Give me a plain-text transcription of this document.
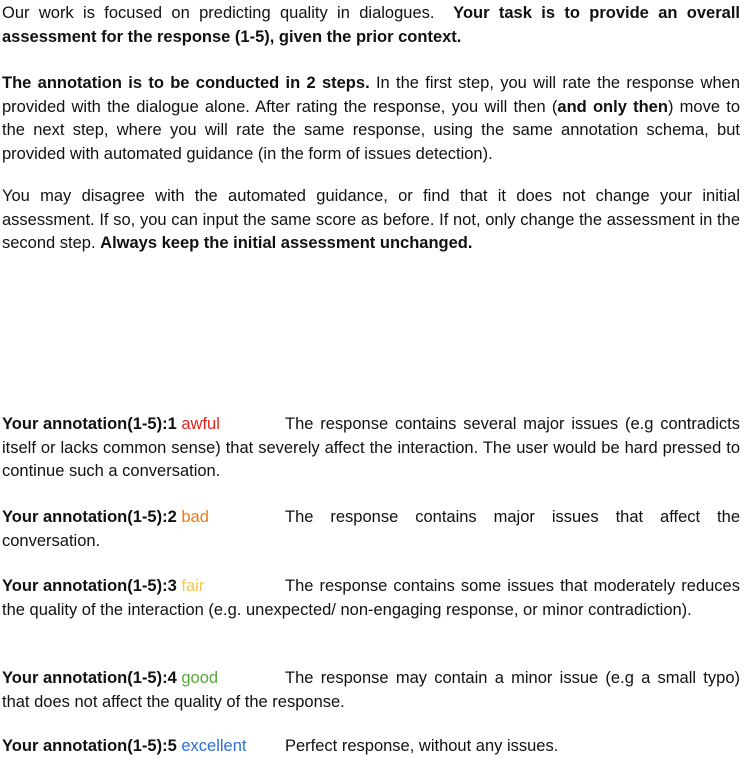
Our work is focused on predicting quality in dialogues. Your task is to provide an overall assessment for the response (1-5), given the prior context.

The annotation is to be conducted in 2 steps. In the first step, you will rate the response when provided with the dialogue alone. After rating the response, you will then (and only then) move to the next step, where you will rate the same response, using the same annotation schema, but provided with automated guidance (in the form of issues detection).

You may disagree with the automated guidance, or find that it does not change your initial assessment. If so, you can input the same score as before. If not, only change the assessment in the second step. Always keep the initial assessment unchanged.

Your annotation(1-5):1 awful	The response contains several major issues (e.g contradicts itself or lacks common sense) that severely affect the interaction. The user would be hard pressed to continue such a conversation.
Your annotation(1-5):2 bad	The response contains major issues that affect the conversation.
Your annotation(1-5):3 fair	The response contains some issues that moderately reduces the quality of the interaction (e.g. unexpected/ non-engaging response, or minor contradiction).
Your annotation(1-5):4 good	The response may contain a minor issue (e.g a small typo) that does not affect the quality of the response.
Your annotation(1-5):5 excellent Perfect response, without any issues.
